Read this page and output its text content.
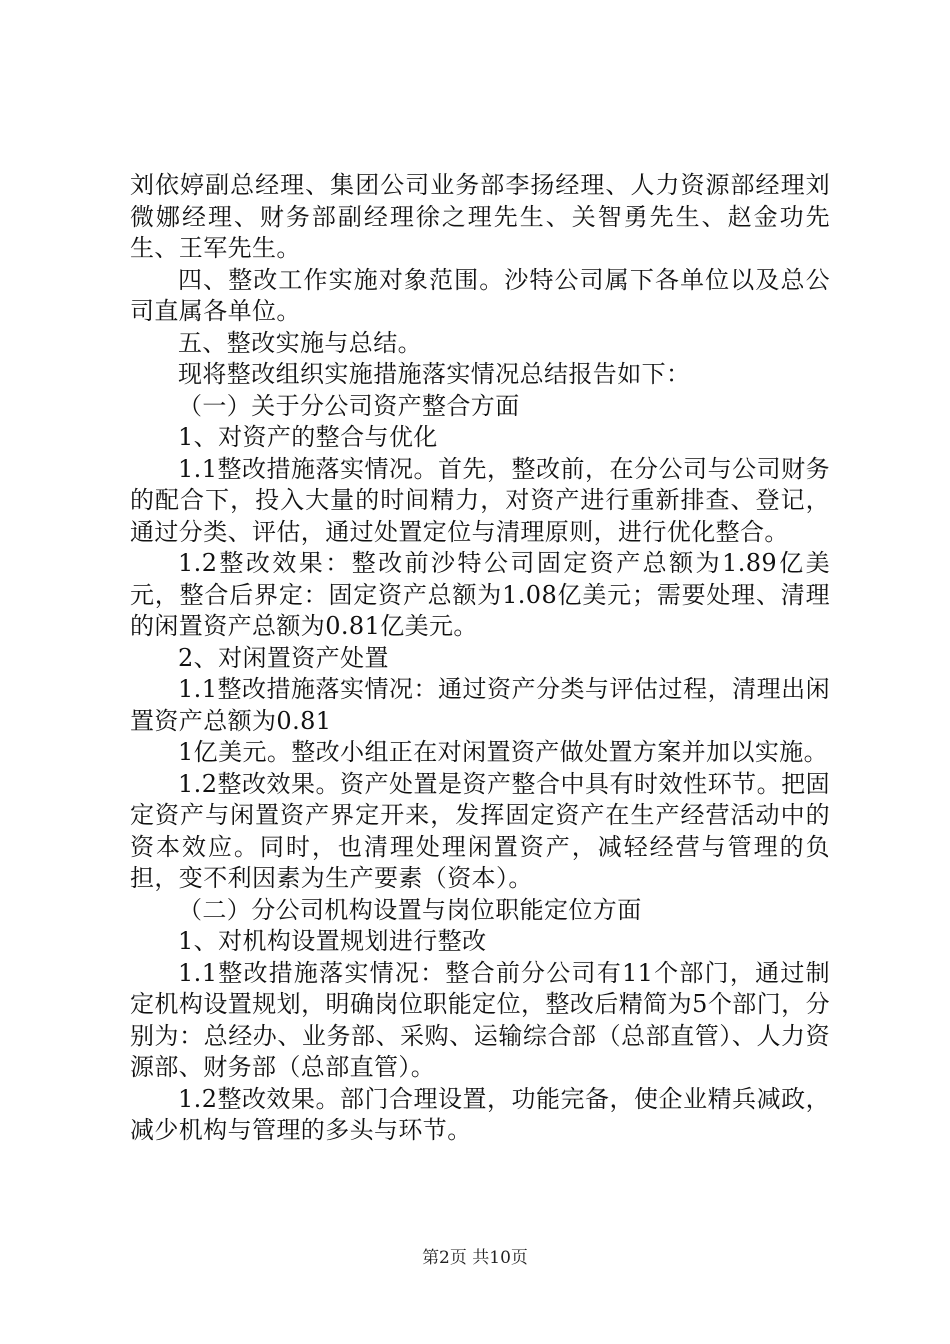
刘依婷副总经理、集团公司业务部李扬经理、人力资源部经理刘微娜经理、财务部副经理徐之理先生、关智勇先生、赵金功先生、王军先生。

四、整改工作实施对象范围。沙特公司属下各单位以及总公司直属各单位。

五、整改实施与总结。

现将整改组织实施措施落实情况总结报告如下：

（一）关于分公司资产整合方面

1、对资产的整合与优化

1.1整改措施落实情况。首先，整改前，在分公司与公司财务的配合下，投入大量的时间精力，对资产进行重新排查、登记，通过分类、评估，通过处置定位与清理原则，进行优化整合。

1.2整改效果：整改前沙特公司固定资产总额为1.89亿美元，整合后界定：固定资产总额为1.08亿美元；需要处理、清理的闲置资产总额为0.81亿美元。

2、对闲置资产处置

1.1整改措施落实情况：通过资产分类与评估过程，清理出闲置资产总额为0.81

1亿美元。整改小组正在对闲置资产做处置方案并加以实施。

1.2整改效果。资产处置是资产整合中具有时效性环节。把固定资产与闲置资产界定开来，发挥固定资产在生产经营活动中的资本效应。同时，也清理处理闲置资产，减轻经营与管理的负担，变不利因素为生产要素（资本）。

（二）分公司机构设置与岗位职能定位方面

1、对机构设置规划进行整改

1.1整改措施落实情况：整合前分公司有11个部门，通过制定机构设置规划，明确岗位职能定位，整改后精简为5个部门，分别为：总经办、业务部、采购、运输综合部（总部直管）、人力资源部、财务部（总部直管）。

1.2整改效果。部门合理设置，功能完备，使企业精兵减政，减少机构与管理的多头与环节。

第2页 共10页
